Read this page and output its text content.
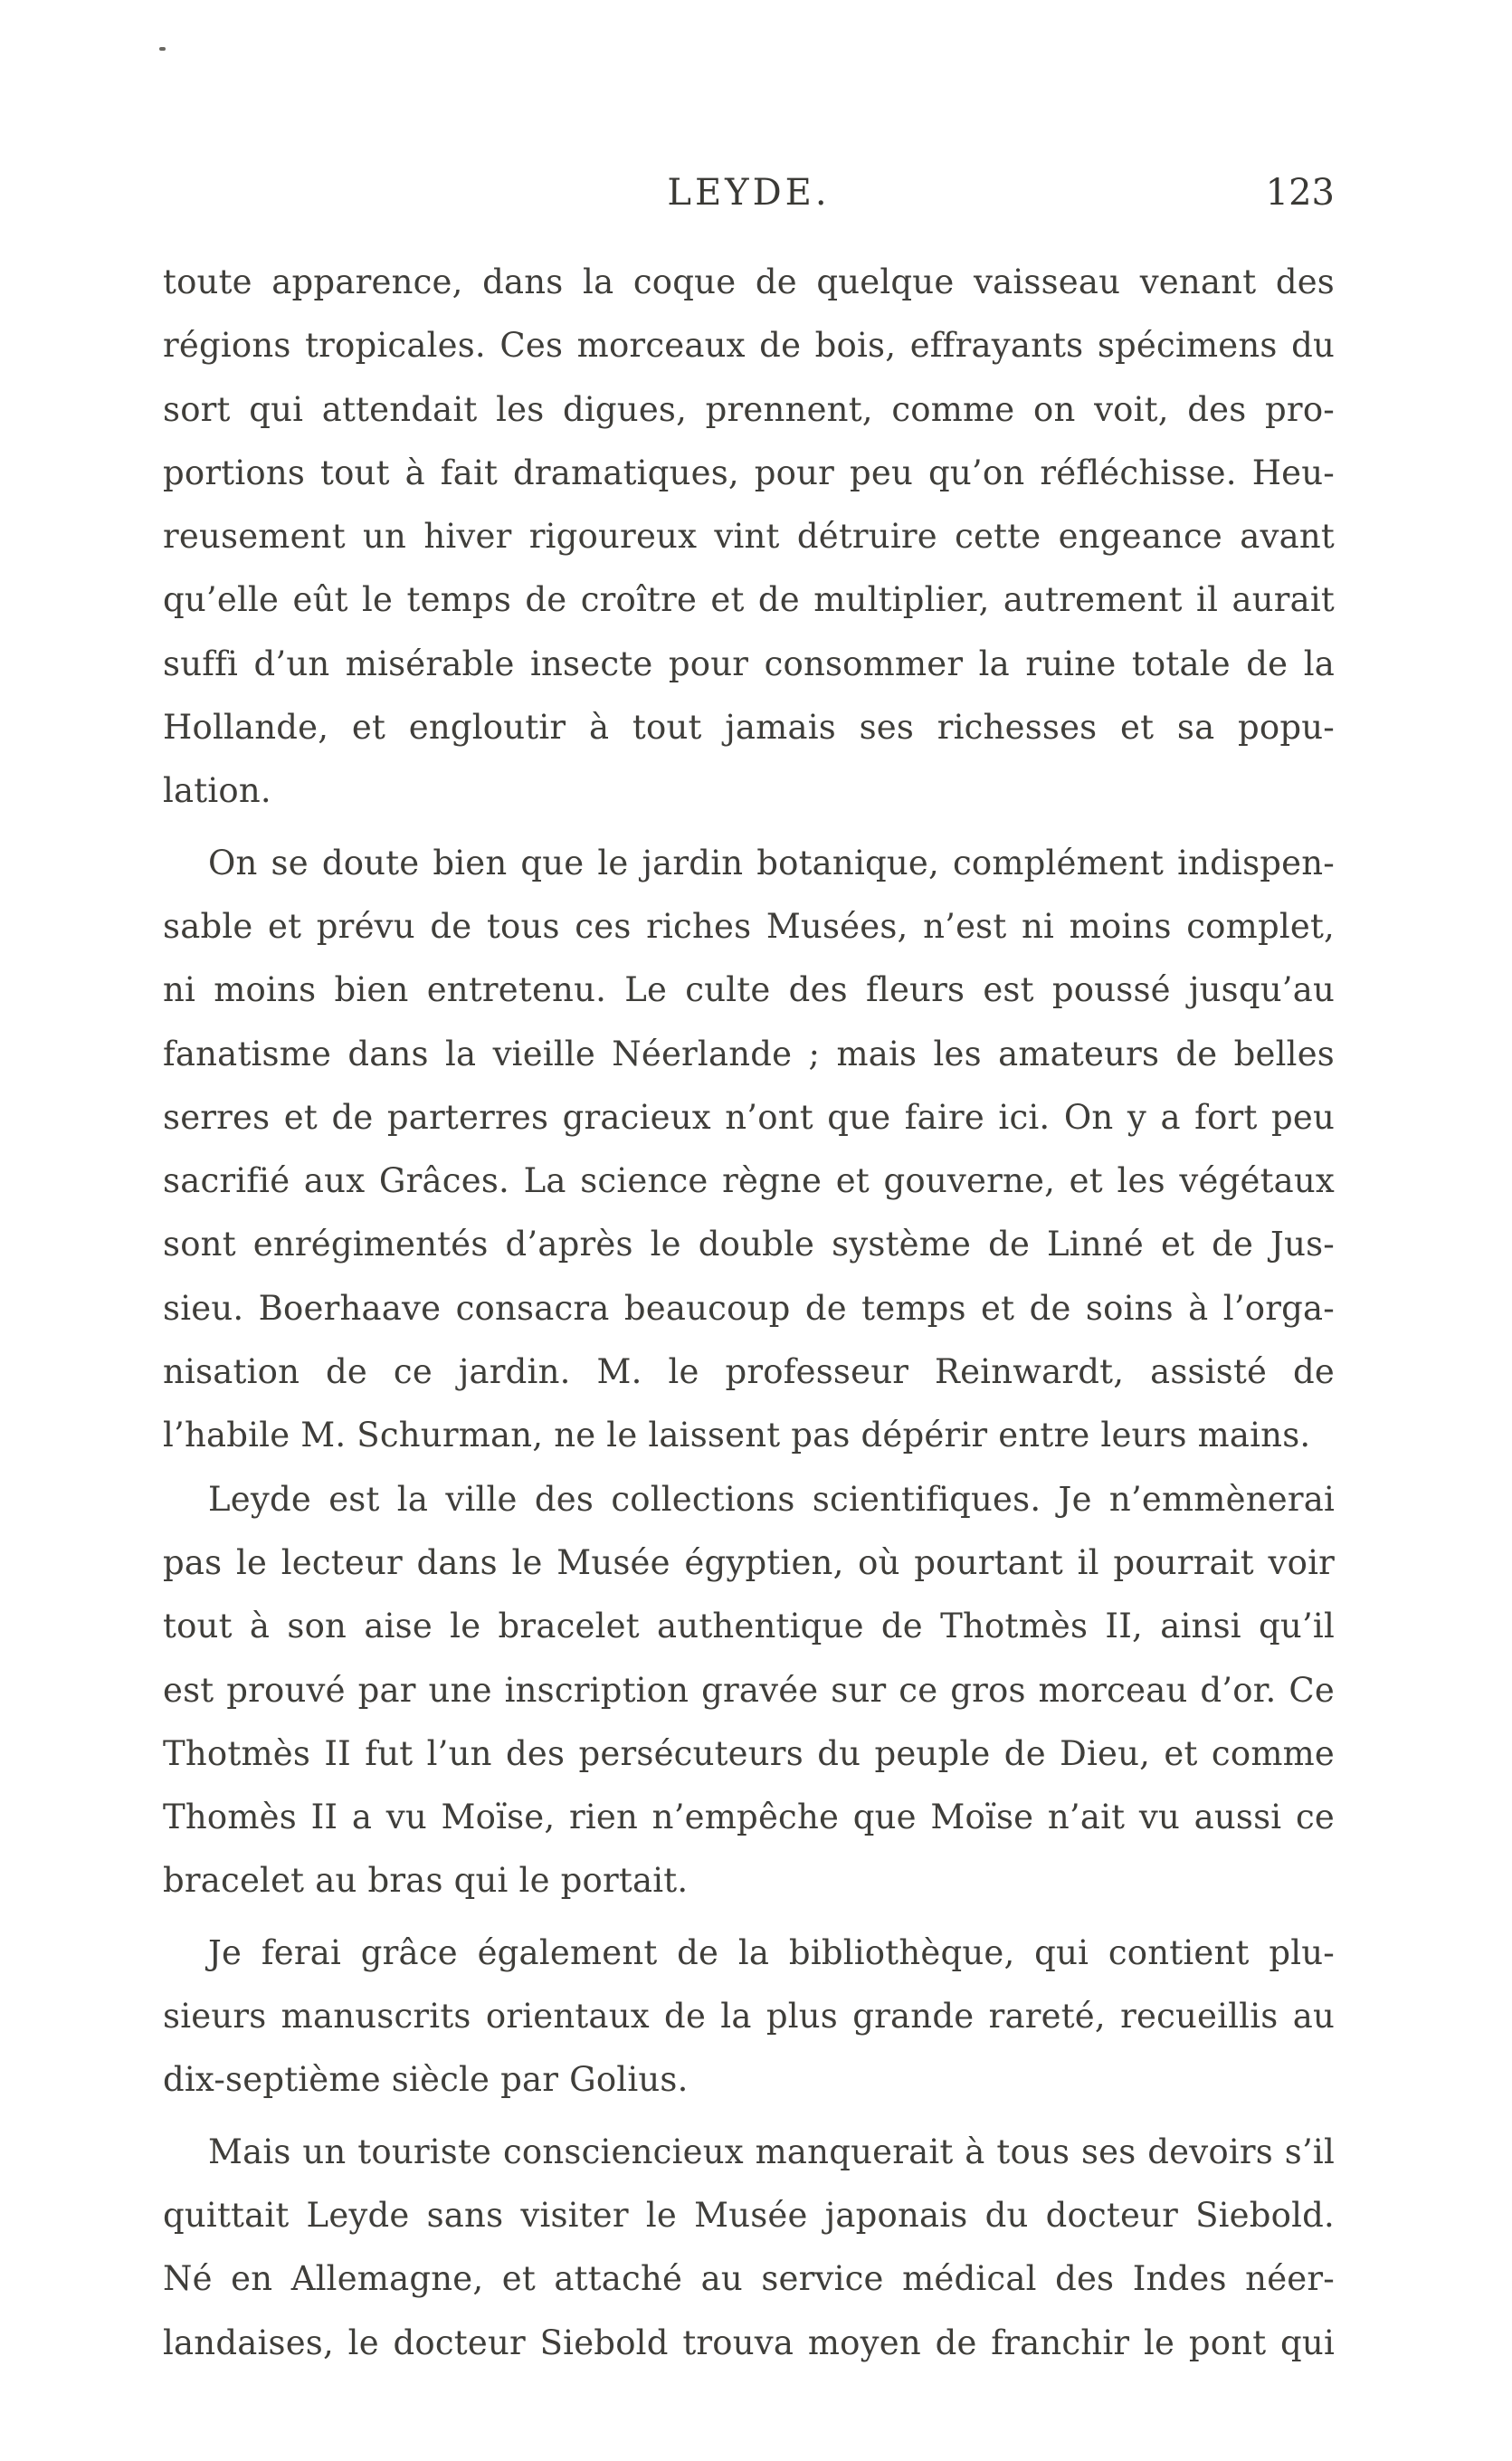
LEYDE.	123
toute apparence, dans la coque de quelque vaisseau venant des
régions tropicales. Ces morceaux de bois, effrayants spécimens du
sort qui attendait les digues, prennent, comme on voit, des pro-
portions tout à fait dramatiques, pour peu qu’on réfléchisse. Heu-
reusement un hiver rigoureux vint détruire cette engeance avant
qu’elle eût le temps de croître et de multiplier, autrement il aurait
suffi d’un misérable insecte pour consommer la ruine totale de la
Hollande, et engloutir à tout jamais ses richesses et sa popu-
lation.
On se doute bien que le jardin botanique, complément indispen-
sable et prévu de tous ces riches Musées, n’est ni moins complet,
ni moins bien entretenu. Le culte des fleurs est poussé jusqu’au
fanatisme dans la vieille Néerlande ; mais les amateurs de belles
serres et de parterres gracieux n’ont que faire ici. On y a fort peu
sacrifié aux Grâces. La science règne et gouverne, et les végétaux
sont enrégimentés d’après le double système de Linné et de Jus-
sieu. Boerhaave consacra beaucoup de temps et de soins à l’orga-
nisation de ce jardin. M. le professeur Reinwardt, assisté de
l’habile M. Schurman, ne le laissent pas dépérir entre leurs mains.
Leyde est la ville des collections scientifiques. Je n’emmènerai
pas le lecteur dans le Musée égyptien, où pourtant il pourrait voir
tout à son aise le bracelet authentique de Thotmès II, ainsi qu’il
est prouvé par une inscription gravée sur ce gros morceau d’or. Ce
Thotmès II fut l’un des persécuteurs du peuple de Dieu, et comme
Thomès II a vu Moïse, rien n’empêche que Moïse n’ait vu aussi ce
bracelet au bras qui le portait.
Je ferai grâce également de la bibliothèque, qui contient plu-
sieurs manuscrits orientaux de la plus grande rareté, recueillis au
dix-septième siècle par Golius.
Mais un touriste consciencieux manquerait à tous ses devoirs s’il
quittait Leyde sans visiter le Musée japonais du docteur Siebold.
Né en Allemagne, et attaché au service médical des Indes néer-
landaises, le docteur Siebold trouva moyen de franchir le pont qui
